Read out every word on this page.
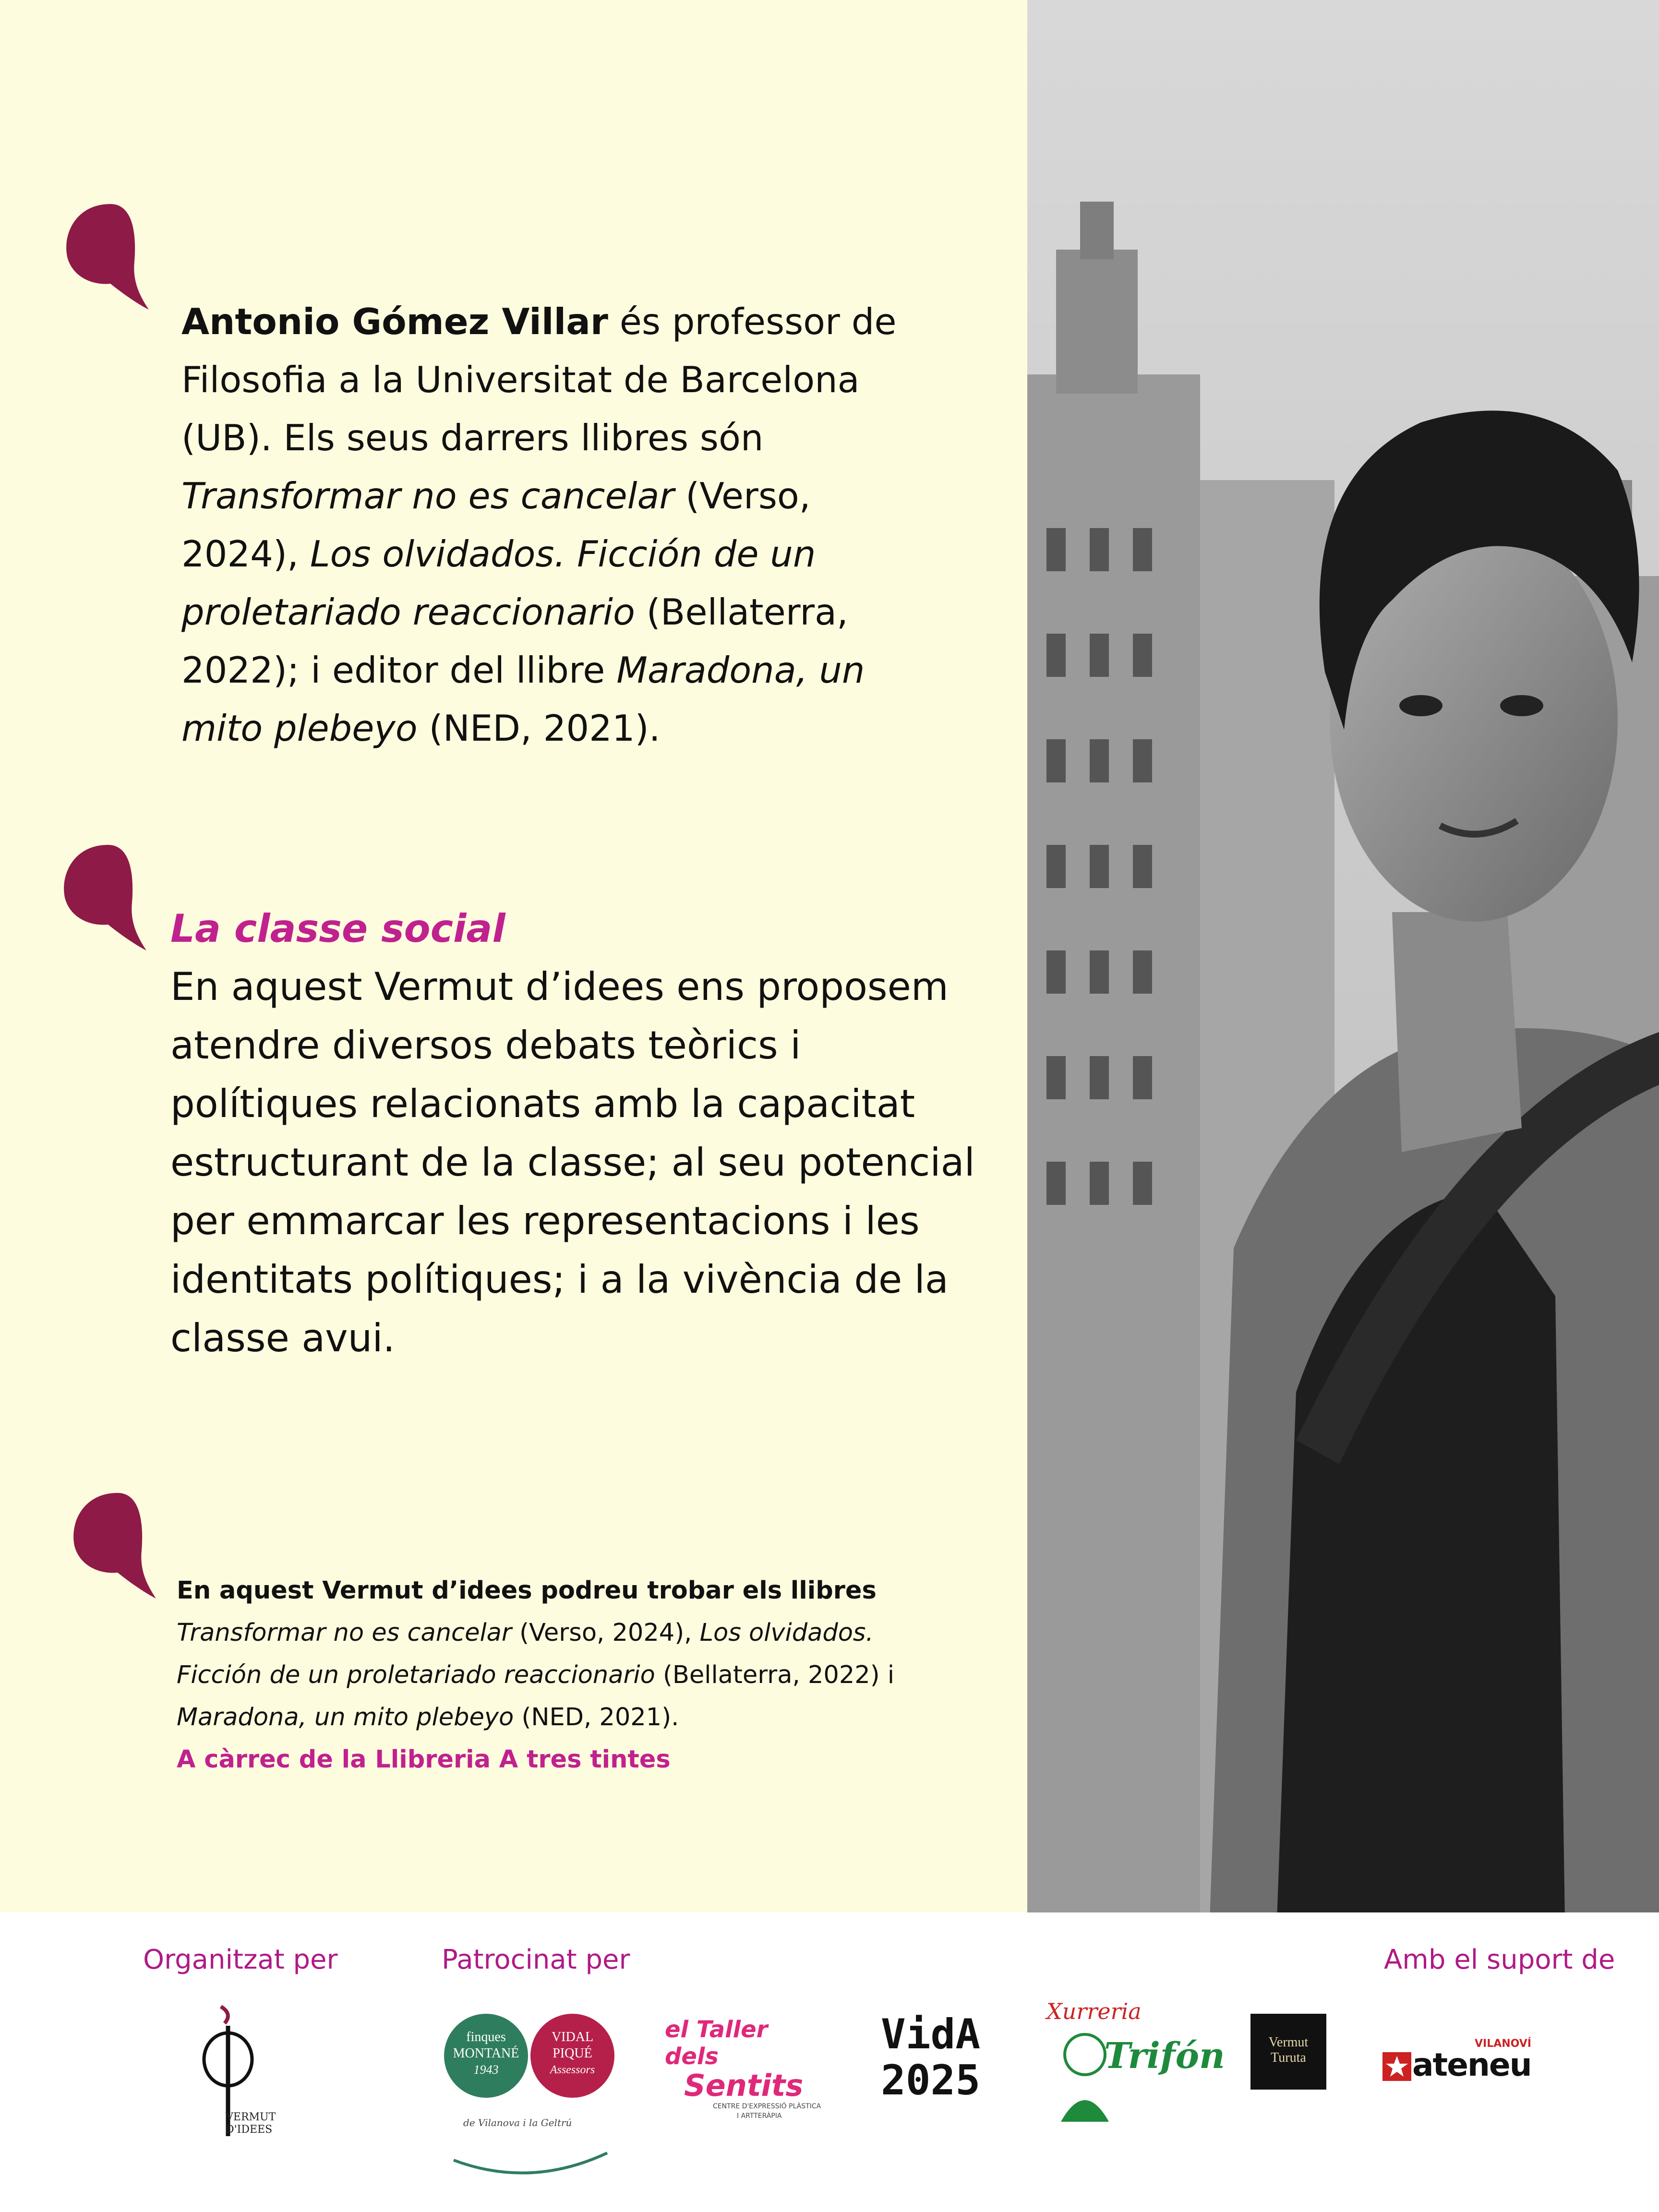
Antonio Gómez Villar és professor de Filosofia a la Universitat de Barcelona (UB). Els seus darrers llibres són Transformar no es cancelar (Verso, 2024), Los olvidados. Ficción de un proletariado reaccionario (Bellaterra, 2022); i editor del llibre Maradona, un mito plebeyo (NED, 2021).

La classe social

En aquest Vermut d’idees ens proposem atendre diversos debats teòrics i polítiques relacionats amb la capacitat estructurant de la classe; al seu potencial per emmarcar les representacions i les identitats polítiques; i a la vivència de la classe avui.

En aquest Vermut d’idees podreu trobar els llibres

Transformar no es cancelar (Verso, 2024), Los olvidados. Ficción de un proletariado reaccionario (Bellaterra, 2022) i Maradona, un mito plebeyo (NED, 2021).

A càrrec de la Llibreria A tres tintes

Organitzat per	Patrocinat per	Amb el suport de
VERMUT
D'IDEES
finques
MONTANÉ
1943
VIDAL
PIQUÉ
Assessors
de Vilanova i la Geltrú
el Taller dels
Sentits
CENTRE D'EXPRESSIÓ PLÀSTICA
I ARTTERÀPIA
VidA
2025
Xurreria
Trifón	Vermut
Turuta
VILANOVÍ
ateneu
